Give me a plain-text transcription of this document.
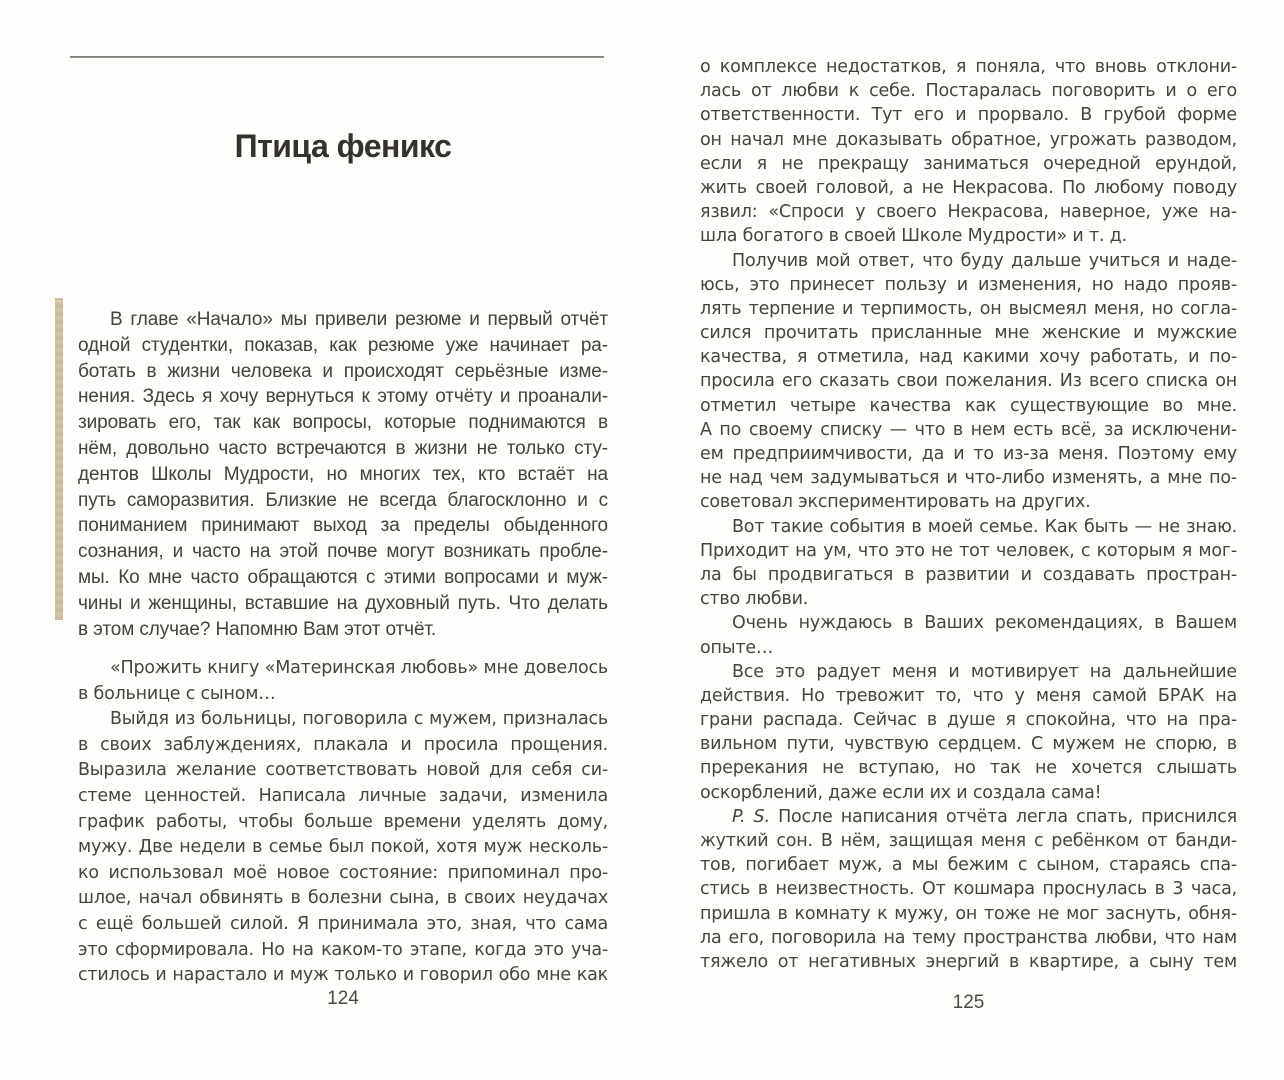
Птица феникс
В главе «Начало» мы привели резюме и первый отчёт
одной студентки, показав, как резюме уже начинает ра-
ботать в жизни человека и происходят серьёзные изме-
нения. Здесь я хочу вернуться к этому отчёту и проанали-
зировать его, так как вопросы, которые поднимаются в
нём, довольно часто встречаются в жизни не только сту-
дентов Школы Мудрости, но многих тех, кто встаёт на
путь саморазвития. Близкие не всегда благосклонно и с
пониманием принимают выход за пределы обыденного
сознания, и часто на этой почве могут возникать пробле-
мы. Ко мне часто обращаются с этими вопросами и муж-
чины и женщины, вставшие на духовный путь. Что делать
в этом случае? Напомню Вам этот отчёт.
«Прожить книгу «Материнская любовь» мне довелось
в больнице с сыном…
Выйдя из больницы, поговорила с мужем, призналась
в своих заблуждениях, плакала и просила прощения.
Выразила желание соответствовать новой для себя си-
стеме ценностей. Написала личные задачи, изменила
график работы, чтобы больше времени уделять дому,
мужу. Две недели в семье был покой, хотя муж несколь-
ко использовал моё новое состояние: припоминал про-
шлое, начал обвинять в болезни сына, в своих неудачах
с ещё большей силой. Я принимала это, зная, что сама
это сформировала. Но на каком-то этапе, когда это уча-
стилось и нарастало и муж только и говорил обо мне как
124
о комплексе недостатков, я поняла, что вновь отклони-
лась от любви к себе. Постаралась поговорить и о его
ответственности. Тут его и прорвало. В грубой форме
он начал мне доказывать обратное, угрожать разводом,
если я не прекращу заниматься очередной ерундой,
жить своей головой, а не Некрасова. По любому поводу
язвил: «Спроси у своего Некрасова, наверное, уже на-
шла богатого в своей Школе Мудрости» и т. д.
Получив мой ответ, что буду дальше учиться и наде-
юсь, это принесет пользу и изменения, но надо прояв-
лять терпение и терпимость, он высмеял меня, но согла-
сился прочитать присланные мне женские и мужские
качества, я отметила, над какими хочу работать, и по-
просила его сказать свои пожелания. Из всего списка он
отметил четыре качества как существующие во мне.
А по своему списку — что в нем есть всё, за исключени-
ем предприимчивости, да и то из-за меня. Поэтому ему
не над чем задумываться и что-либо изменять, а мне по-
советовал экспериментировать на других.
Вот такие события в моей семье. Как быть — не знаю.
Приходит на ум, что это не тот человек, с которым я мог-
ла бы продвигаться в развитии и создавать простран-
ство любви.
Очень нуждаюсь в Ваших рекомендациях, в Вашем
опыте…
Все это радует меня и мотивирует на дальнейшие
действия. Но тревожит то, что у меня самой БРАК на
грани распада. Сейчас в душе я спокойна, что на пра-
вильном пути, чувствую сердцем. С мужем не спорю, в
пререкания не вступаю, но так не хочется слышать
оскорблений, даже если их и создала сама!
P. S. После написания отчёта легла спать, приснился
жуткий сон. В нём, защищая меня с ребёнком от банди-
тов, погибает муж, а мы бежим с сыном, стараясь спа-
стись в неизвестность. От кошмара проснулась в 3 часа,
пришла в комнату к мужу, он тоже не мог заснуть, обня-
ла его, поговорила на тему пространства любви, что нам
тяжело от негативных энергий в квартире, а сыну тем
125
